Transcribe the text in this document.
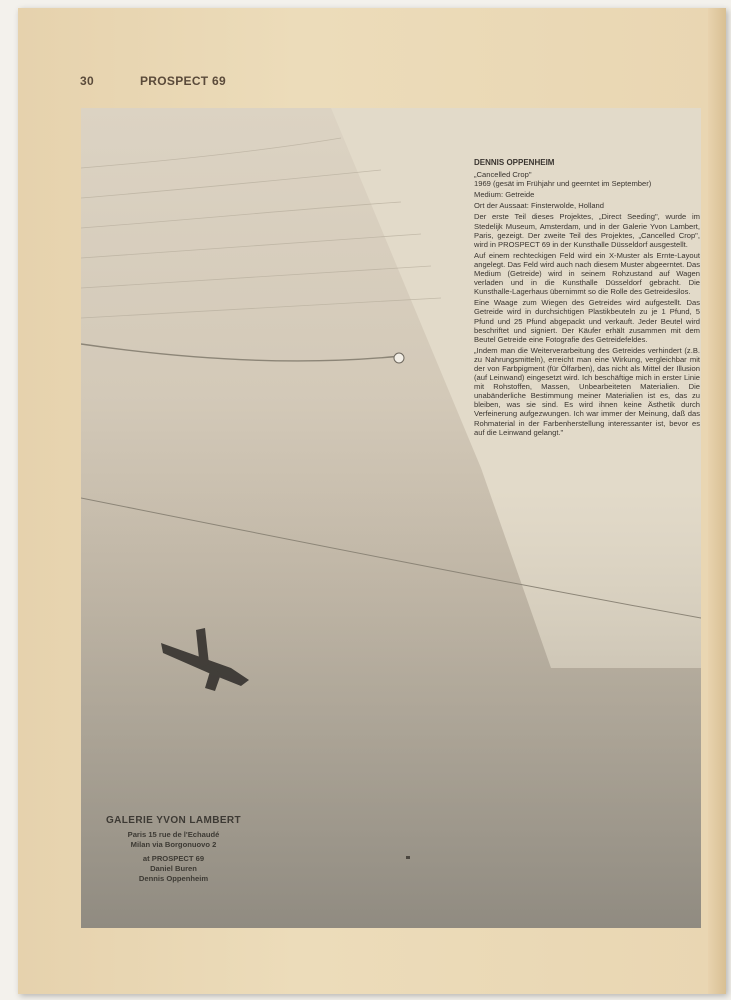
30	PROSPECT 69
DENNIS OPPENHEIM
„Cancelled Crop"

1969 (gesät im Frühjahr und geerntet im September)

Medium: Getreide

Ort der Aussaat: Finsterwolde, Holland

Der erste Teil dieses Projektes, „Direct Seeding", wurde im Stedelijk Museum, Amsterdam, und in der Galerie Yvon Lambert, Paris, gezeigt. Der zweite Teil des Projektes, „Cancelled Crop", wird in PROSPECT 69 in der Kunsthalle Düsseldorf ausgestellt.

Auf einem rechteckigen Feld wird ein X-Muster als Ernte-Layout angelegt. Das Feld wird auch nach diesem Muster abgeerntet. Das Medium (Getreide) wird in seinem Rohzustand auf Wagen verladen und in die Kunsthalle Düsseldorf gebracht. Die Kunsthalle-Lagerhaus übernimmt so die Rolle des Getreidesilos.

Eine Waage zum Wiegen des Getreides wird aufgestellt. Das Getreide wird in durchsichtigen Plastikbeuteln zu je 1 Pfund, 5 Pfund und 25 Pfund abgepackt und verkauft. Jeder Beutel wird beschriftet und signiert. Der Käufer erhält zusammen mit dem Beutel Getreide eine Fotografie des Getreidefeldes.

„Indem man die Weiterverarbeitung des Getreides verhindert (z.B. zu Nahrungsmitteln), erreicht man eine Wirkung, vergleichbar mit der von Farbpigment (für Ölfarben), das nicht als Mittel der Illusion (auf Leinwand) eingesetzt wird. Ich beschäftige mich in erster Linie mit Rohstoffen, Massen, Unbearbeiteten Materialien. Die unabänderliche Bestimmung meiner Materialien ist es, das zu bleiben, was sie sind. Es wird ihnen keine Ästhetik durch Verfeinerung aufgezwungen. Ich war immer der Meinung, daß das Rohmaterial in der Farbenherstellung interessanter ist, bevor es auf die Leinwand gelangt."

GALERIE YVON LAMBERT
Paris 15 rue de l'Echaudé
Milan via Borgonuovo 2
at PROSPECT 69
Daniel Buren
Dennis Oppenheim
